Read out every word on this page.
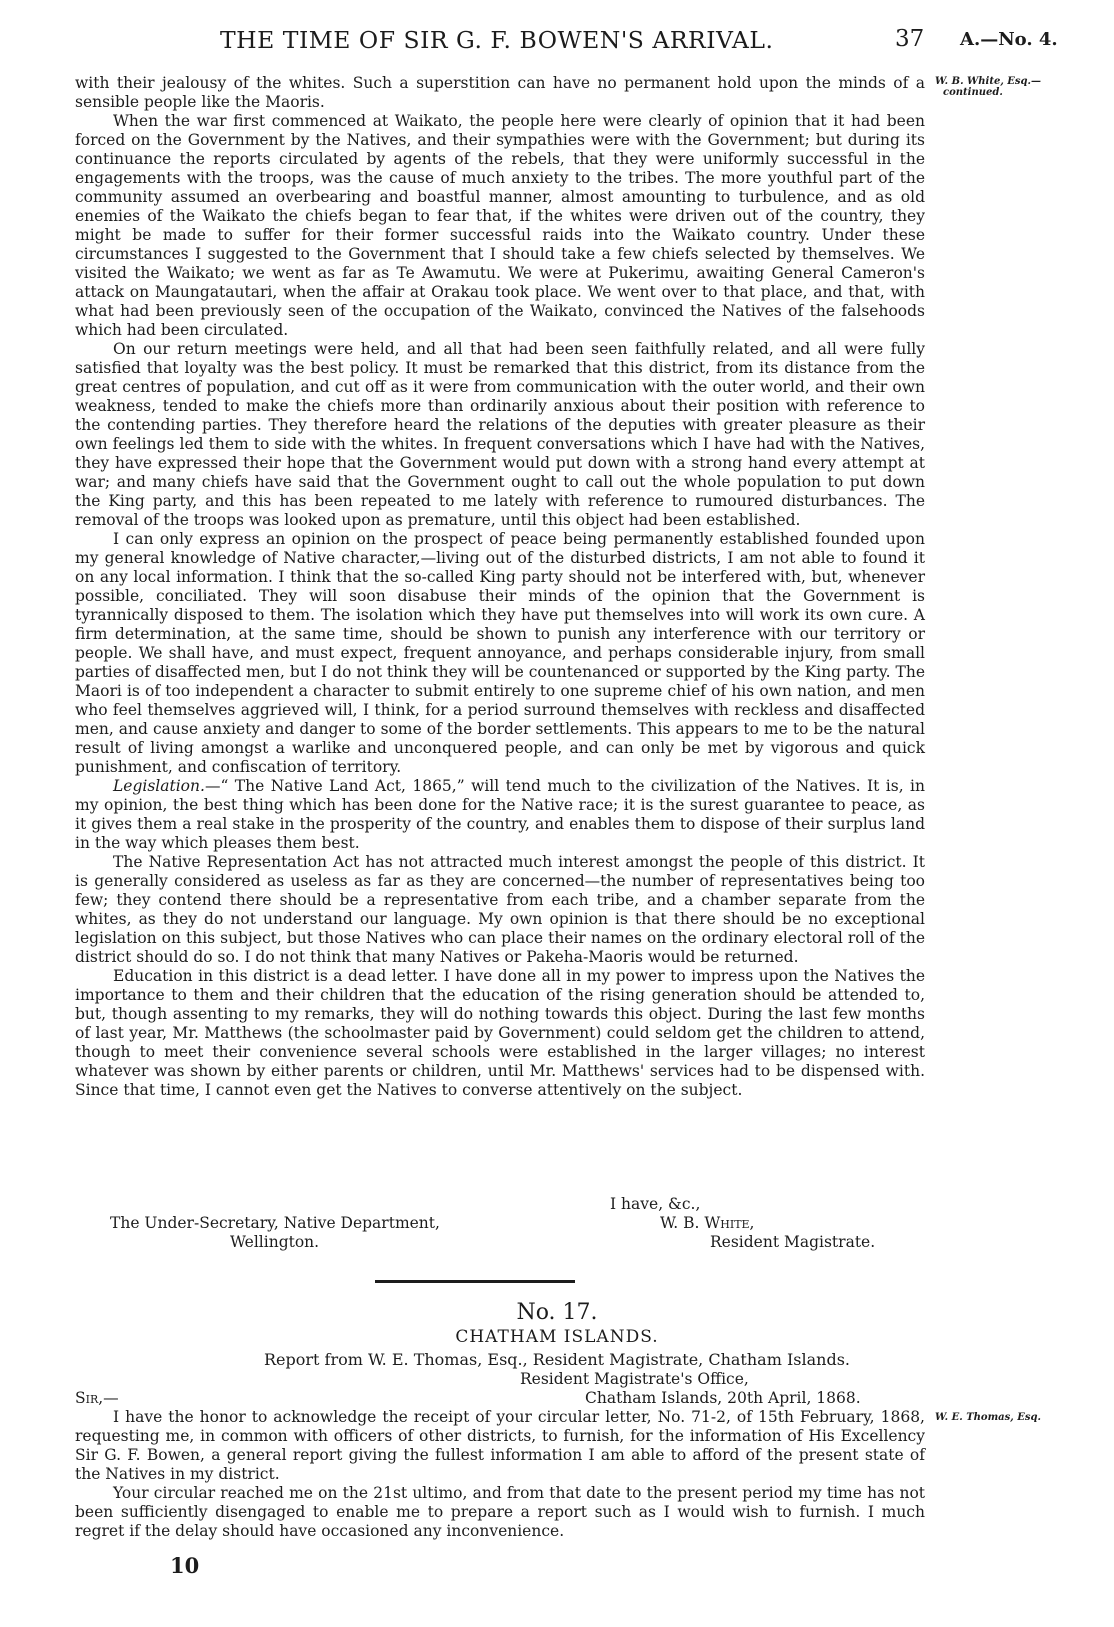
THE TIME OF SIR G. F. BOWEN'S ARRIVAL.	37 A.—No. 4.
W. B. White, Esq.—
continued.

with their jealousy of the whites. Such a superstition can have no permanent hold upon the minds of a sensible people like the Maoris.

When the war first commenced at Waikato, the people here were clearly of opinion that it had been forced on the Government by the Natives, and their sympathies were with the Government; but during its continuance the reports circulated by agents of the rebels, that they were uniformly successful in the engagements with the troops, was the cause of much anxiety to the tribes. The more youthful part of the community assumed an overbearing and boastful manner, almost amounting to turbulence, and as old enemies of the Waikato the chiefs began to fear that, if the whites were driven out of the country, they might be made to suffer for their former successful raids into the Waikato country. Under these circumstances I suggested to the Government that I should take a few chiefs selected by themselves. We visited the Waikato; we went as far as Te Awamutu. We were at Pukerimu, awaiting General Cameron's attack on Maungatautari, when the affair at Orakau took place. We went over to that place, and that, with what had been previously seen of the occupation of the Waikato, convinced the Natives of the falsehoods which had been circulated.

On our return meetings were held, and all that had been seen faithfully related, and all were fully satisfied that loyalty was the best policy. It must be remarked that this district, from its distance from the great centres of population, and cut off as it were from communication with the outer world, and their own weakness, tended to make the chiefs more than ordinarily anxious about their position with reference to the contending parties. They therefore heard the relations of the deputies with greater pleasure as their own feelings led them to side with the whites. In frequent conversations which I have had with the Natives, they have expressed their hope that the Government would put down with a strong hand every attempt at war; and many chiefs have said that the Government ought to call out the whole population to put down the King party, and this has been repeated to me lately with reference to rumoured disturbances. The removal of the troops was looked upon as premature, until this object had been established.

I can only express an opinion on the prospect of peace being permanently established founded upon my general knowledge of Native character,—living out of the disturbed districts, I am not able to found it on any local information. I think that the so-called King party should not be interfered with, but, whenever possible, conciliated. They will soon disabuse their minds of the opinion that the Government is tyrannically disposed to them. The isolation which they have put themselves into will work its own cure. A firm determination, at the same time, should be shown to punish any interference with our territory or people. We shall have, and must expect, frequent annoyance, and perhaps considerable injury, from small parties of disaffected men, but I do not think they will be countenanced or supported by the King party. The Maori is of too independent a character to submit entirely to one supreme chief of his own nation, and men who feel themselves aggrieved will, I think, for a period surround themselves with reckless and disaffected men, and cause anxiety and danger to some of the border settlements. This appears to me to be the natural result of living amongst a warlike and unconquered people, and can only be met by vigorous and quick punishment, and confiscation of territory.

Legislation.—“ The Native Land Act, 1865,” will tend much to the civilization of the Natives. It is, in my opinion, the best thing which has been done for the Native race; it is the surest guarantee to peace, as it gives them a real stake in the prosperity of the country, and enables them to dispose of their surplus land in the way which pleases them best.

The Native Representation Act has not attracted much interest amongst the people of this district. It is generally considered as useless as far as they are concerned—the number of representatives being too few; they contend there should be a representative from each tribe, and a chamber separate from the whites, as they do not understand our language. My own opinion is that there should be no exceptional legislation on this subject, but those Natives who can place their names on the ordinary electoral roll of the district should do so. I do not think that many Natives or Pakeha-Maoris would be returned.

Education in this district is a dead letter. I have done all in my power to impress upon the Natives the importance to them and their children that the education of the rising generation should be attended to, but, though assenting to my remarks, they will do nothing towards this object. During the last few months of last year, Mr. Matthews (the schoolmaster paid by Government) could seldom get the children to attend, though to meet their convenience several schools were established in the larger villages; no interest whatever was shown by either parents or children, until Mr. Matthews' services had to be dispensed with. Since that time, I cannot even get the Natives to converse attentively on the subject.

I have, &c.,
W. B. White,
Resident Magistrate.
The Under-Secretary, Native Department,
Wellington.
No. 17.
CHATHAM ISLANDS.
Report from W. E. Thomas, Esq., Resident Magistrate, Chatham Islands.
Resident Magistrate's Office,
Chatham Islands, 20th April, 1868.
Sir,—
W. E. Thomas, Esq.

I have the honor to acknowledge the receipt of your circular letter, No. 71-2, of 15th February, 1868, requesting me, in common with officers of other districts, to furnish, for the information of His Excellency Sir G. F. Bowen, a general report giving the fullest information I am able to afford of the present state of the Natives in my district.

Your circular reached me on the 21st ultimo, and from that date to the present period my time has not been sufficiently disengaged to enable me to prepare a report such as I would wish to furnish. I much regret if the delay should have occasioned any inconvenience.

10
